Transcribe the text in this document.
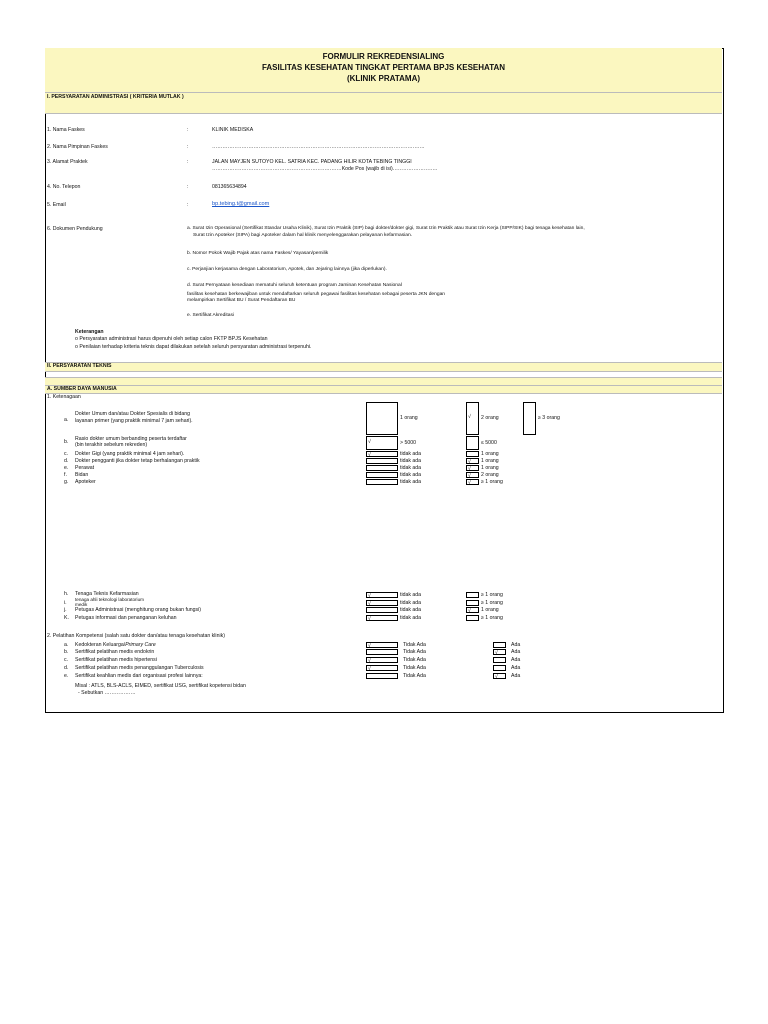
FORMULIR REKREDENSIALING
FASILITAS KESEHATAN TINGKAT PERTAMA BPJS KESEHATAN
(KLINIK PRATAMA)
I. PERSYARATAN ADMINISTRASI ( KRITERIA MUTLAK )
1. Nama Faskes	:	KLINIK MEDISKA
2. Nama Pimpinan Faskes	:	……………………………………………………………………………………………………………
3. Alamat Praktek	:	JALAN MAYJEN SUTOYO KEL. SATRIA KEC. PADANG HILIR KOTA TEBING TINGGI
…………………………………………………………………Kode Pos (wajib di isi)……………………..
4. No. Telepon	:	081365634894
5. Email	:	bp.tebing.t@gmail.com
6. Dokumen Pendukung	a. Surat Izin Operasional (Sertifikat Standar Usaha Klinik), Surat Izin Praktik (SIP) bagi dokter/dokter gigi, Surat Izin Praktik atau Surat Izin Kerja (SIPP/SIK) bagi tenaga kesehatan lain,
Surat Izin Apoteker (SIPA) bagi Apoteker dalam hal klinik menyelenggarakan pelayanan kefarmasian.
b. Nomor Pokok Wajib Pajak atas nama Faskes/ Yayasan/pemilik
c. Perjanjian kerjasama dengan Laboratorium, Apotek, dan Jejaring lainnya (jika diperlukan).
d. Surat Pernyataan kesediaan mematuhi seluruh ketentuan program Jaminan Kesehatan Nasional
fasilitas kesehatan berkewajiban untuk mendaftarkan seluruh pegawai fasilitas kesehatan sebagai peserta JKN dengan
melampirkan Sertifikat BU / Surat Pendaftaran BU
e. Sertifikat Akreditasi
Keterangan
o Persyaratan administrasi harus dipenuhi oleh setiap calon FKTP BPJS Kesehatan
o Penilaian terhadap kriteria teknis dapat dilakukan setelah seluruh persyaratan administrasi terpenuhi.
II. PERSYARATAN TEKNIS
A. SUMBER DAYA MANUSIA
1. Ketenagaan
a.
Dokter Umum dan/atau Dokter Spesialis di bidang
layanan primer (yang praktik minimal 7 jam sehari).	1 orang	√ 2 orang	≥ 3 orang
b. Rasio dokter umum berbanding peserta terdaftar
(bin terakhir sebelum rekreden)	√	> 5000	≤ 5000
c. Dokter Gigi (yang praktik minimal 4 jam sehari).	√	tidak ada	1 orang
d. Dokter pengganti jika dokter tetap berhalangan praktik	tidak ada	√	1 orang
e. Perawat	tidak ada	√	1 orang
f. Bidan	tidak ada	√	2 orang
g. Apoteker	tidak ada	√	≥ 1 orang
h. Tenaga Teknis Kefarmasian	√	tidak ada	≥ 1 orang
i.
tenaga ahli teknologi laboratorium
medik	√	tidak ada	≥ 1 orang
j. Petugas Administrasi (menghitung orang bukan fungsi)	tidak ada	√	1 orang
K. Petugas informasi dan penanganan keluhan	√	tidak ada	≥ 1 orang
2. Pelatihan Kompetensi (salah satu dokter dan/atau tenaga kesehatan klinik)
a. Kedokteran Keluarga/Primary Care	√	Tidak Ada	Ada
b. Sertifikat pelatihan medis endokrin	Tidak Ada	√	Ada
c. Sertifikat pelatihan medis hipertensi	√	Tidak Ada	Ada
d. Sertifikat pelatihan medis penanggulangan Tuberculosis	√	Tidak Ada	Ada
e. Sertifikat keahlian medis dari organisasi profesi lainnya:	Tidak Ada	√	Ada
Misal : ATLS, BLS-ACLS, EIMED, sertifikat USG, sertifikat kopetensi bidan
- Sebutkan ………………
